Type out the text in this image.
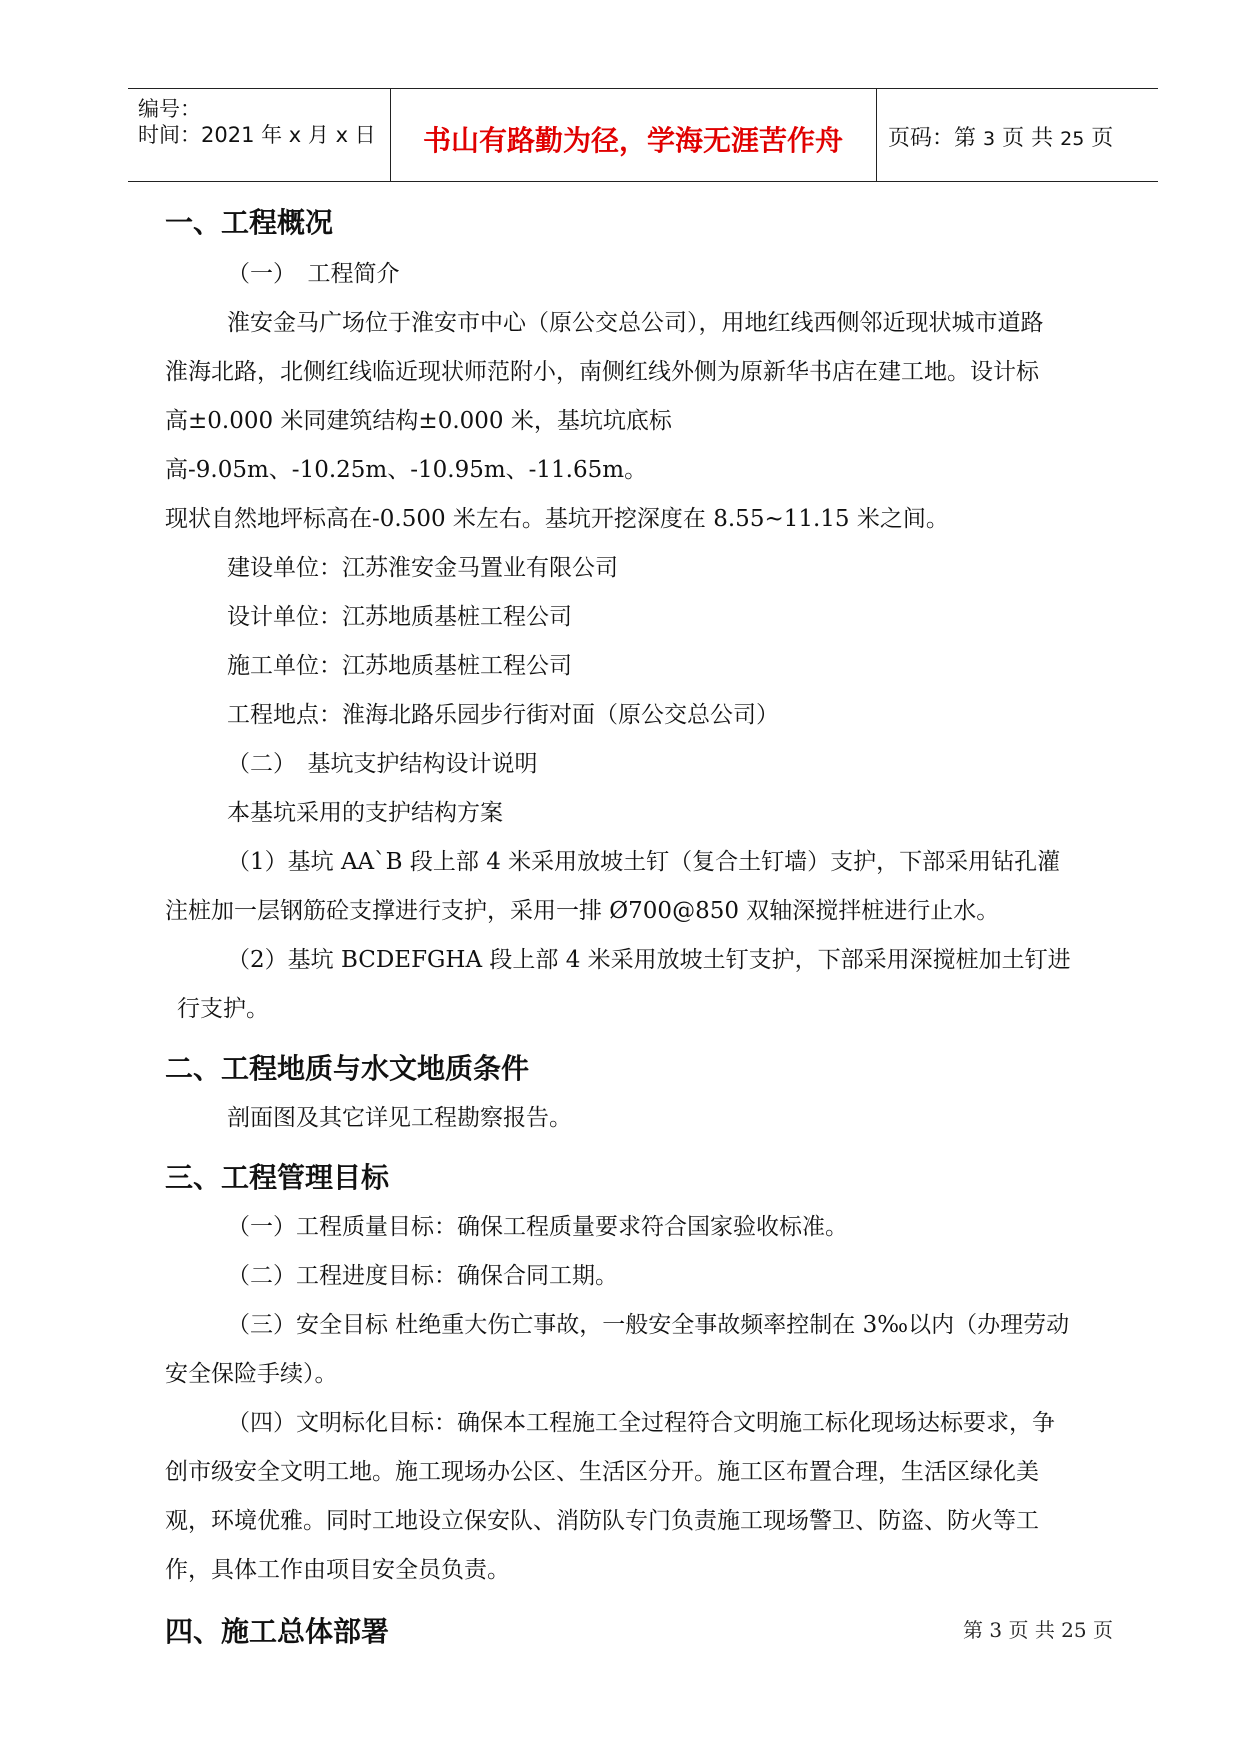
编号：
时间：2021 年 x 月 x 日	书山有路勤为径，学海无涯苦作舟	页码：第 3 页 共 25 页
一、工程概况

（一）　工程简介

淮安金马广场位于淮安市中心（原公交总公司），用地红线西侧邻近现状城市道路

淮海北路，北侧红线临近现状师范附小，南侧红线外侧为原新华书店在建工地。设计标

高±0.000 米同建筑结构±0.000 米，基坑坑底标高-9.05m、-10.25m、-10.95m、-11.65m。

现状自然地坪标高在-0.500 米左右。基坑开挖深度在 8.55~11.15 米之间。

建设单位：江苏淮安金马置业有限公司

设计单位：江苏地质基桩工程公司

施工单位：江苏地质基桩工程公司

工程地点：淮海北路乐园步行街对面（原公交总公司）

（二）　基坑支护结构设计说明

本基坑采用的支护结构方案

（1）基坑 AA`B 段上部 4 米采用放坡土钉（复合土钉墙）支护，下部采用钻孔灌

注桩加一层钢筋砼支撑进行支护，采用一排 Ø700@850 双轴深搅拌桩进行止水。

（2）基坑 BCDEFGHA 段上部 4 米采用放坡土钉支护，下部采用深搅桩加土钉进

行支护。

二、工程地质与水文地质条件

剖面图及其它详见工程勘察报告。

三、工程管理目标

（一）工程质量目标：确保工程质量要求符合国家验收标准。

（二）工程进度目标：确保合同工期。

（三）安全目标 杜绝重大伤亡事故，一般安全事故频率控制在 3‰以内（办理劳动

安全保险手续）。

（四）文明标化目标：确保本工程施工全过程符合文明施工标化现场达标要求，争

创市级安全文明工地。施工现场办公区、生活区分开。施工区布置合理，生活区绿化美

观，环境优雅。同时工地设立保安队、消防队专门负责施工现场警卫、防盗、防火等工

作，具体工作由项目安全员负责。

四、施工总体部署	第 3 页 共 25 页
